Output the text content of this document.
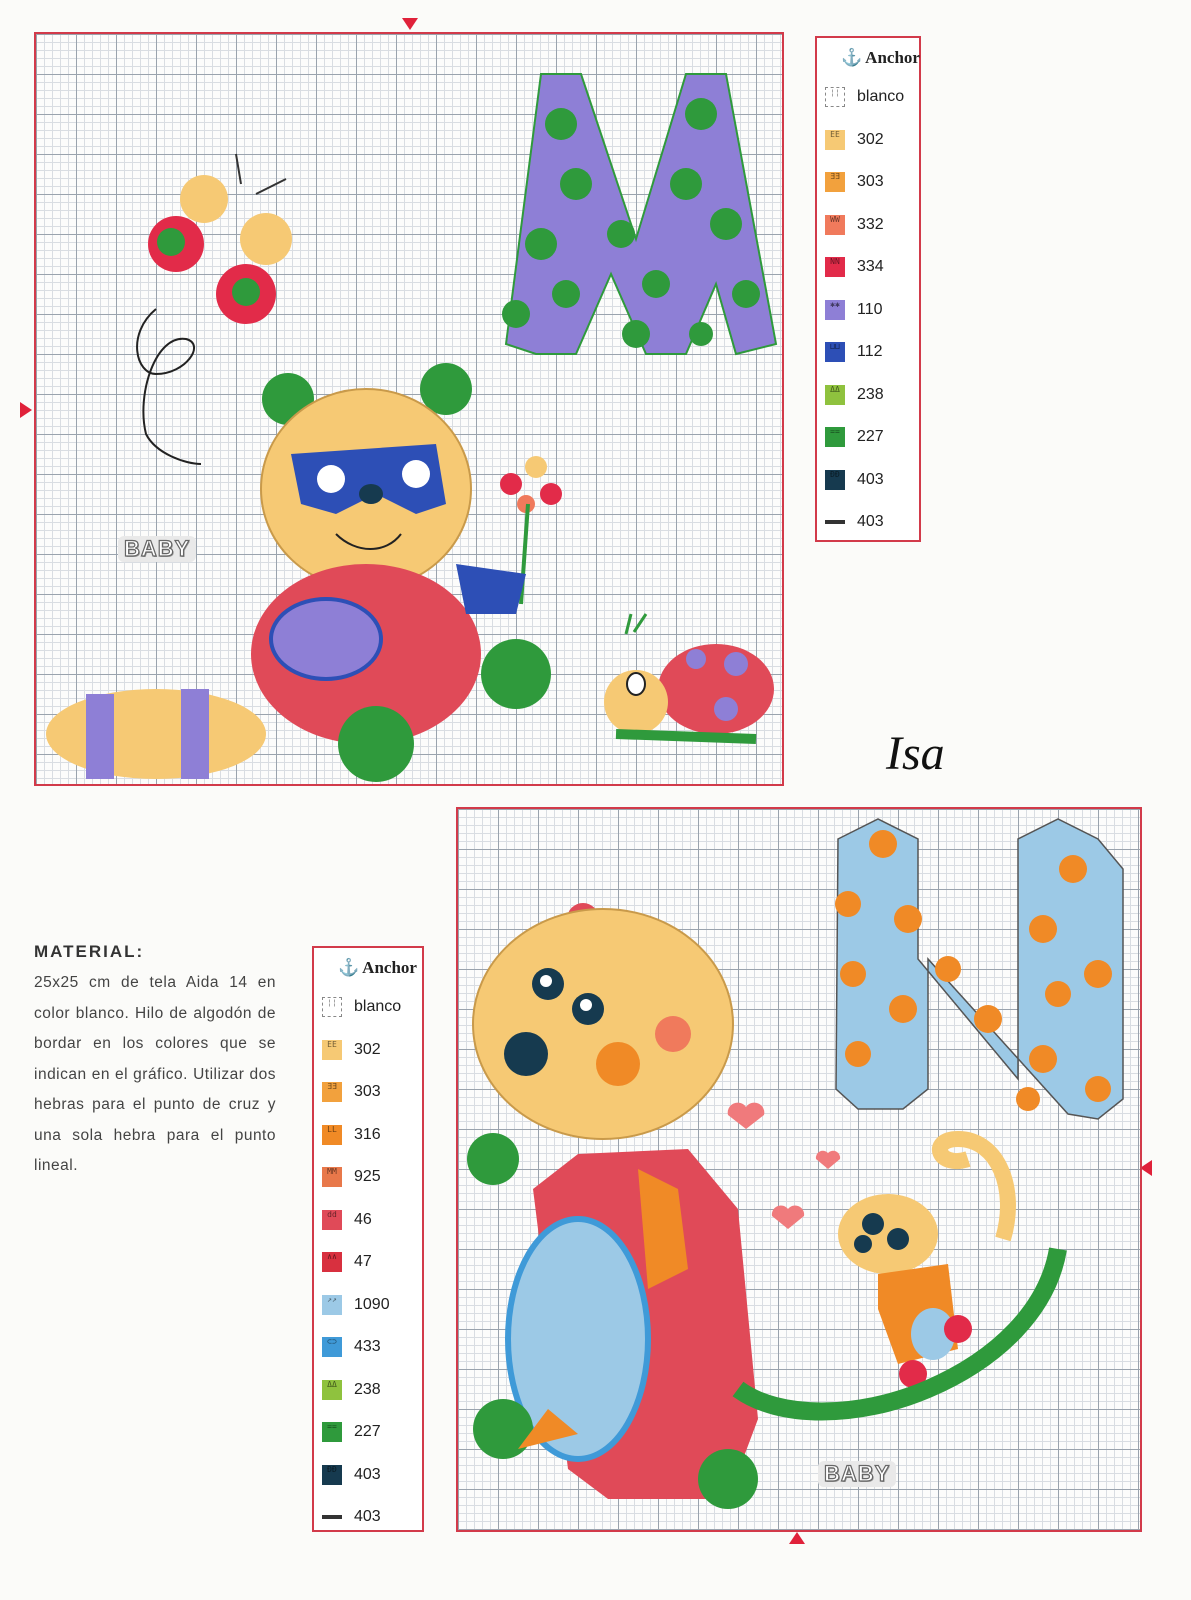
BABY
⚓ Anchor
¦¦	blanco
EE	302
ƎƎ	303
WW	332
NN	334
✱✱	110
⊔⊔	112
ΔΔ	238
==	227
ĐĐ	403
403
Isa
MATERIAL:

25x25 cm de tela Aida 14 en color blanco. Hilo de algodón de bordar en los colores que se indican en el gráfico. Utilizar dos hebras para el punto de cruz y una sola hebra para el punto lineal.

⚓ Anchor
¦¦	blanco
EE	302
ƎƎ	303
LL	316
MM	925
dd	46
∧∧	47
↗↗	1090
⊂⊃	433
ΔΔ	238
==	227
ĐĐ	403
403
BABY
